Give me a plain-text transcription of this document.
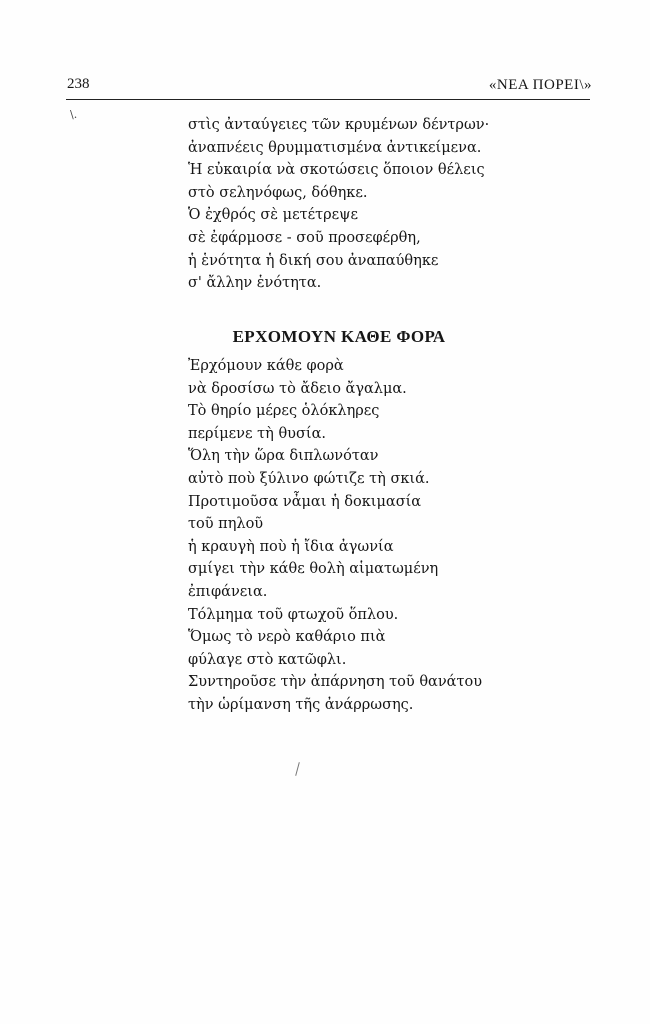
238	«ΝΕΑ ΠΟΡΕΙ\»
\.
στὶς ἀνταύγειες τῶν κρυμένων δέντρων·
ἀναπνέεις θρυμματισμένα ἀντικείμενα.
Ἡ εὐκαιρία νὰ σκοτώσεις ὅποιον θέλεις
στὸ σεληνόφως, δόθηκε.
Ὁ ἐχθρός σὲ μετέτρεψε
σὲ ἐφάρμοσε - σοῦ προσεφέρθη,
ἡ ἑνότητα ἡ δική σου ἀναπαύθηκε
σ' ἄλλην ἑνότητα.
ΕΡΧΟΜΟΥΝ ΚΑΘΕ ΦΟΡΑ
Ἐρχόμουν κάθε φορὰ
νὰ δροσίσω τὸ ἄδειο ἄγαλμα.
Τὸ θηρίο μέρες ὁλόκληρες
περίμενε τὴ θυσία.
Ὅλη τὴν ὥρα διπλωνόταν
αὐτὸ ποὺ ξύλινο φώτιζε τὴ σκιά.
Προτιμοῦσα νἆμαι ἡ δοκιμασία
τοῦ πηλοῦ
ἡ κραυγὴ ποὺ ἡ ἴδια ἀγωνία
σμίγει τὴν κάθε θολὴ αἱματωμένη
ἐπιφάνεια.
Τόλμημα τοῦ φτωχοῦ ὅπλου.
Ὅμως τὸ νερὸ καθάριο πιὰ
φύλαγε στὸ κατῶφλι.
Συντηροῦσε τὴν ἀπάρνηση τοῦ θανάτου
τὴν ὡρίμανση τῆς ἀνάρρωσης.
